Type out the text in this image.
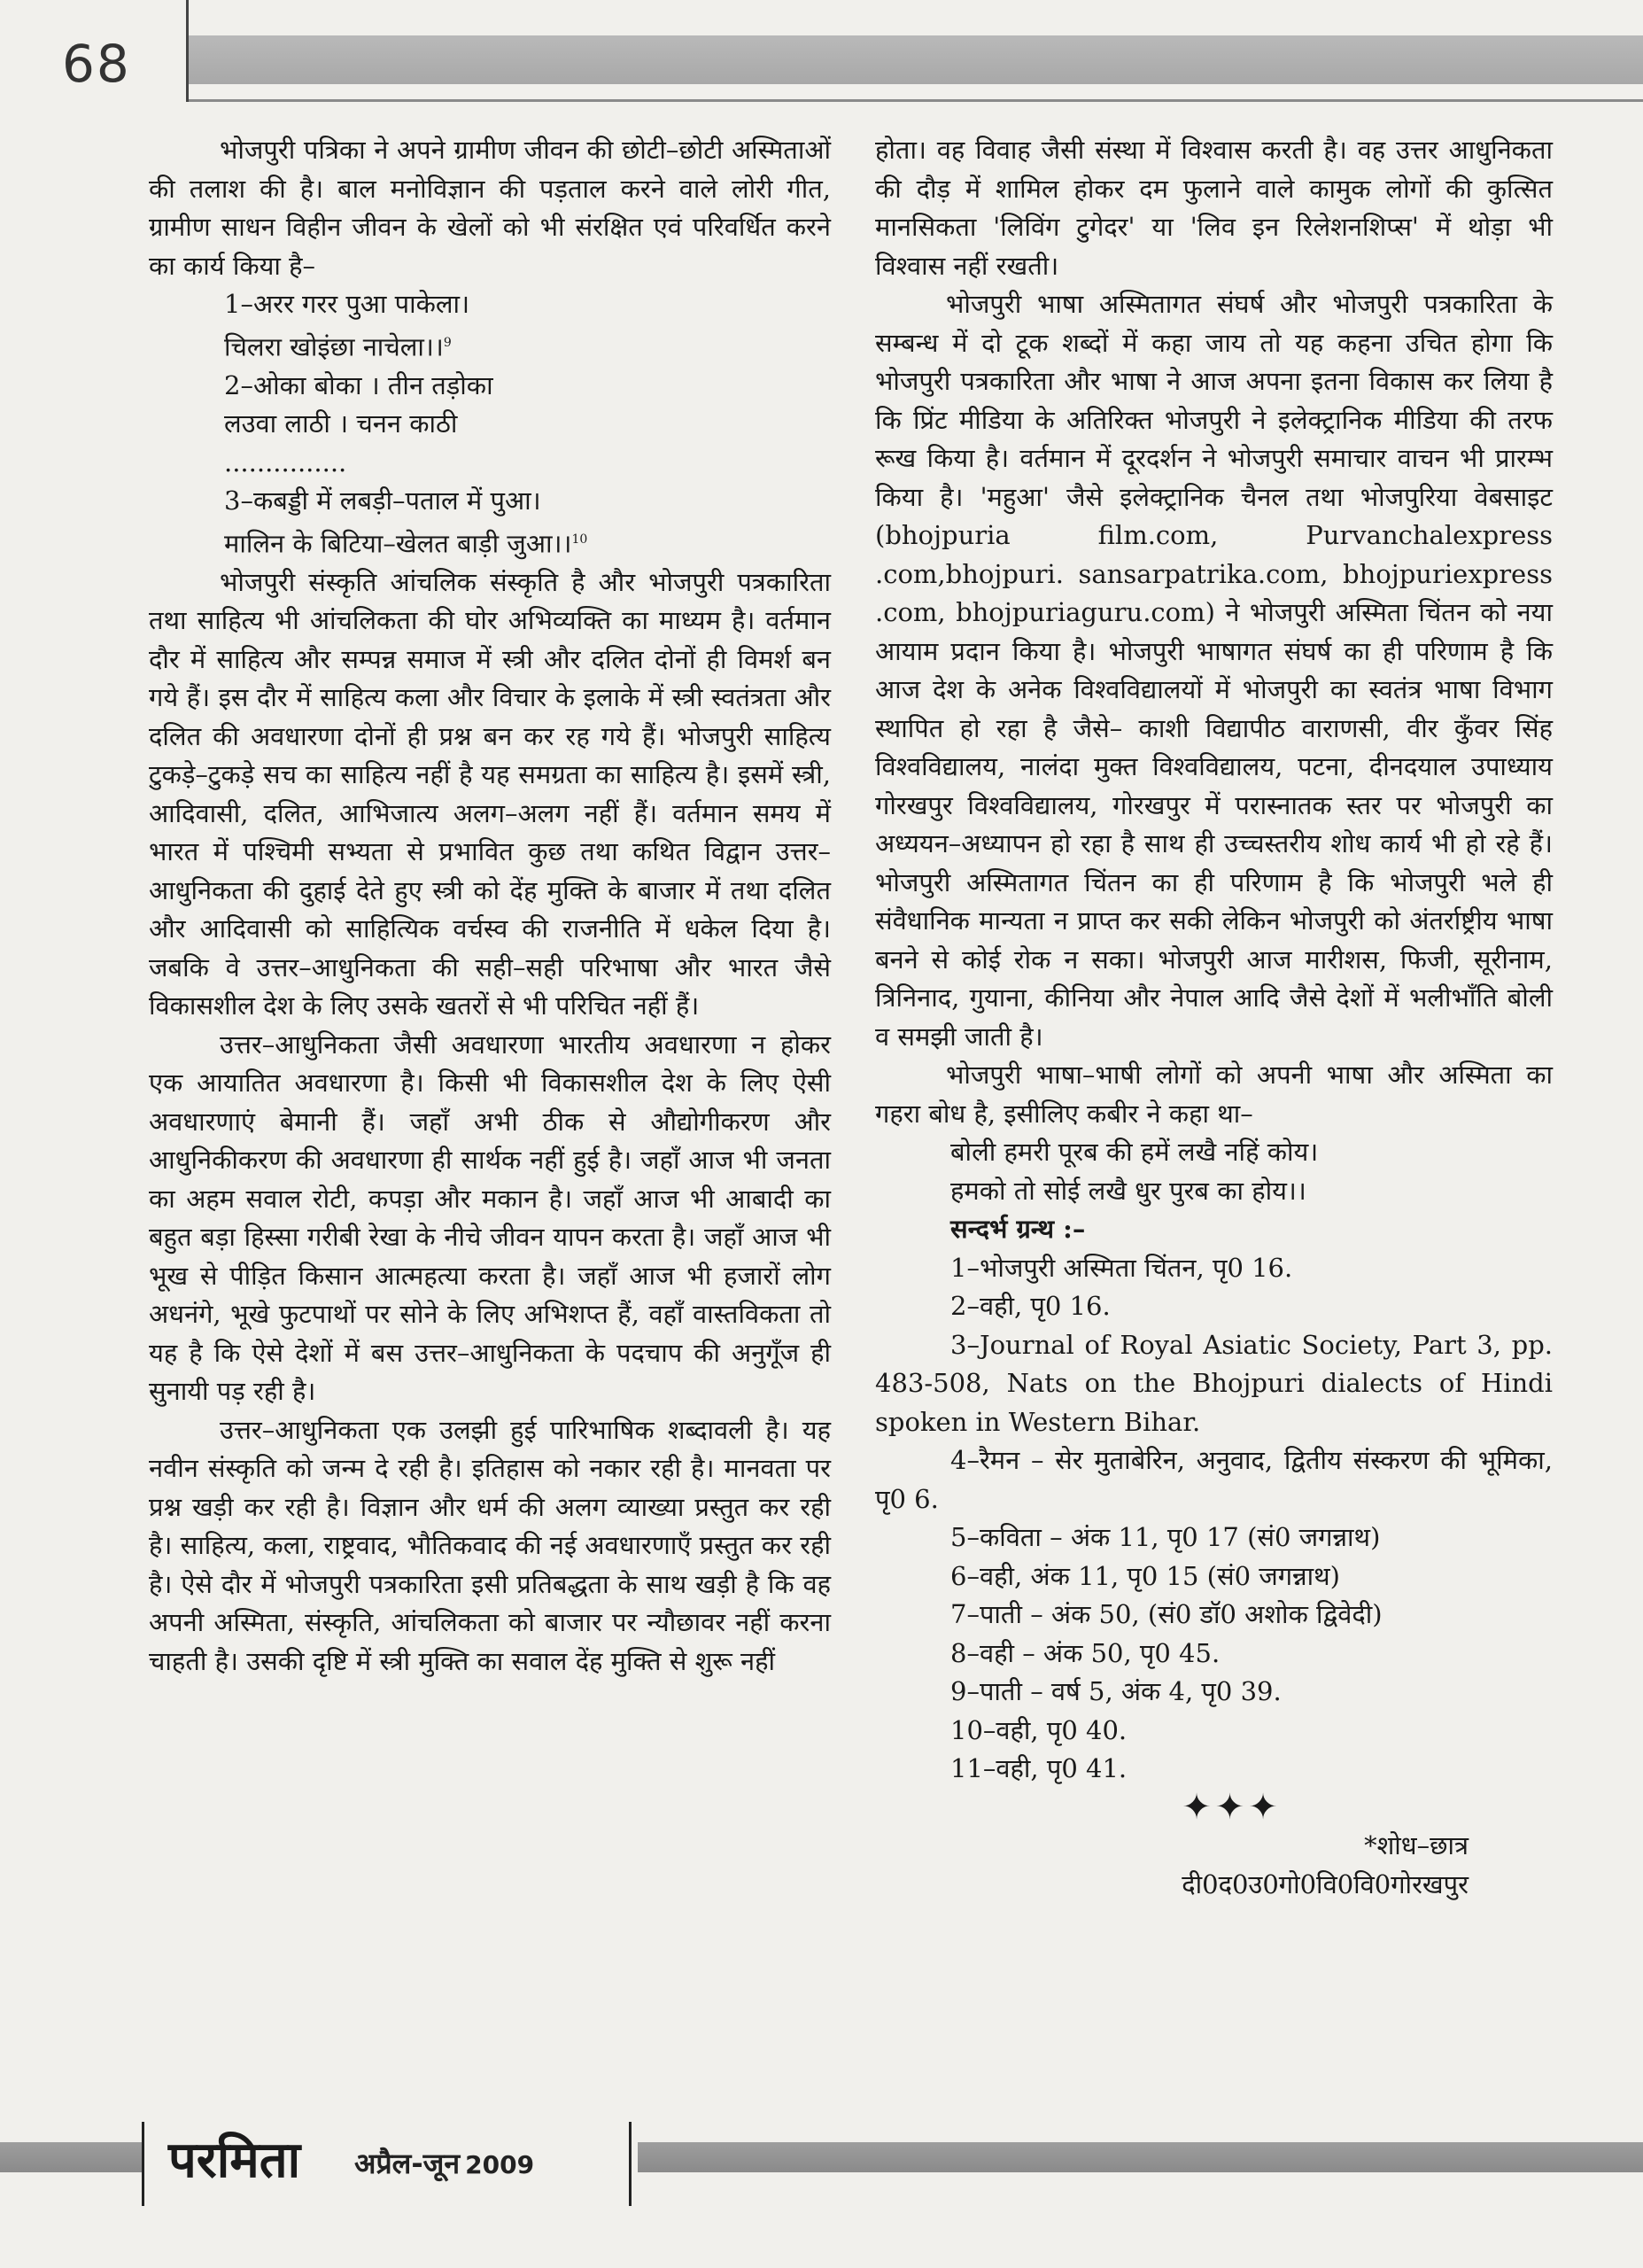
68

भोजपुरी पत्रिका ने अपने ग्रामीण जीवन की छोटी–छोटी अस्मिताओं की तलाश की है। बाल मनोविज्ञान की पड़ताल करने वाले लोरी गीत, ग्रामीण साधन विहीन जीवन के खेलों को भी संरक्षित एवं परिवर्धित करने का कार्य किया है–

1–अरर गरर पुआ पाकेला।
चिलरा खोइंछा नाचेला।।$^9$
2–ओका बोका । तीन तड़ोका
लउवा लाठी । चनन काठी
...............
3–कबड्डी में लबड़ी–पताल में पुआ।
मालिन के बिटिया–खेलत बाड़ी जुआ।।$^{10}$

भोजपुरी संस्कृति आंचलिक संस्कृति है और भोजपुरी पत्रकारिता तथा साहित्य भी आंचलिकता की घोर अभिव्यक्ति का माध्यम है। वर्तमान दौर में साहित्य और सम्पन्न समाज में स्त्री और दलित दोनों ही विमर्श बन गये हैं। इस दौर में साहित्य कला और विचार के इलाके में स्त्री स्वतंत्रता और दलित की अवधारणा दोनों ही प्रश्न बन कर रह गये हैं। भोजपुरी साहित्य टुकड़े–टुकड़े सच का साहित्य नहीं है यह समग्रता का साहित्य है। इसमें स्त्री, आदिवासी, दलित, आभिजात्य अलग–अलग नहीं हैं। वर्तमान समय में भारत में पश्चिमी सभ्यता से प्रभावित कुछ तथा कथित विद्वान उत्तर–आधुनिकता की दुहाई देते हुए स्त्री को देंह मुक्ति के बाजार में तथा दलित और आदिवासी को साहित्यिक वर्चस्व की राजनीति में धकेल दिया है। जबकि वे उत्तर–आधुनिकता की सही–सही परिभाषा और भारत जैसे विकासशील देश के लिए उसके खतरों से भी परिचित नहीं हैं।

उत्तर–आधुनिकता जैसी अवधारणा भारतीय अवधारणा न होकर एक आयातित अवधारणा है। किसी भी विकासशील देश के लिए ऐसी अवधारणाएं बेमानी हैं। जहाँ अभी ठीक से औद्योगीकरण और आधुनिकीकरण की अवधारणा ही सार्थक नहीं हुई है। जहाँ आज भी जनता का अहम सवाल रोटी, कपड़ा और मकान है। जहाँ आज भी आबादी का बहुत बड़ा हिस्सा गरीबी रेखा के नीचे जीवन यापन करता है। जहाँ आज भी भूख से पीड़ित किसान आत्महत्या करता है। जहाँ आज भी हजारों लोग अधनंगे, भूखे फुटपाथों पर सोने के लिए अभिशप्त हैं, वहाँ वास्तविकता तो यह है कि ऐसे देशों में बस उत्तर–आधुनिकता के पदचाप की अनुगूँज ही सुनायी पड़ रही है।

उत्तर–आधुनिकता एक उलझी हुई पारिभाषिक शब्दावली है। यह नवीन संस्कृति को जन्म दे रही है। इतिहास को नकार रही है। मानवता पर प्रश्न खड़ी कर रही है। विज्ञान और धर्म की अलग व्याख्या प्रस्तुत कर रही है। साहित्य, कला, राष्ट्रवाद, भौतिकवाद की नई अवधारणाएँ प्रस्तुत कर रही है। ऐसे दौर में भोजपुरी पत्रकारिता इसी प्रतिबद्धता के साथ खड़ी है कि वह अपनी अस्मिता, संस्कृति, आंचलिकता को बाजार पर न्यौछावर नहीं करना चाहती है। उसकी दृष्टि में स्त्री मुक्ति का सवाल देंह मुक्ति से शुरू नहीं

होता। वह विवाह जैसी संस्था में विश्वास करती है। वह उत्तर आधुनिकता की दौड़ में शामिल होकर दम फुलाने वाले कामुक लोगों की कुत्सित मानसिकता 'लिविंग टुगेदर' या 'लिव इन रिलेशनशिप्स' में थोड़ा भी विश्वास नहीं रखती।

भोजपुरी भाषा अस्मितागत संघर्ष और भोजपुरी पत्रकारिता के सम्बन्ध में दो टूक शब्दों में कहा जाय तो यह कहना उचित होगा कि भोजपुरी पत्रकारिता और भाषा ने आज अपना इतना विकास कर लिया है कि प्रिंट मीडिया के अतिरिक्त भोजपुरी ने इलेक्ट्रानिक मीडिया की तरफ रूख किया है। वर्तमान में दूरदर्शन ने भोजपुरी समाचार वाचन भी प्रारम्भ किया है। 'महुआ' जैसे इलेक्ट्रानिक चैनल तथा भोजपुरिया वेबसाइट (bhojpuria film.com, Purvanchalexpress .com,bhojpuri. sansarpatrika.com, bhojpuriexpress .com, bhojpuriaguru.com) ने भोजपुरी अस्मिता चिंतन को नया आयाम प्रदान किया है। भोजपुरी भाषागत संघर्ष का ही परिणाम है कि आज देश के अनेक विश्वविद्यालयों में भोजपुरी का स्वतंत्र भाषा विभाग स्थापित हो रहा है जैसे– काशी विद्यापीठ वाराणसी, वीर कुँवर सिंह विश्वविद्यालय, नालंदा मुक्त विश्वविद्यालय, पटना, दीनदयाल उपाध्याय गोरखपुर विश्वविद्यालय, गोरखपुर में परास्नातक स्तर पर भोजपुरी का अध्ययन–अध्यापन हो रहा है साथ ही उच्चस्तरीय शोध कार्य भी हो रहे हैं। भोजपुरी अस्मितागत चिंतन का ही परिणाम है कि भोजपुरी भले ही संवैधानिक मान्यता न प्राप्त कर सकी लेकिन भोजपुरी को अंतर्राष्ट्रीय भाषा बनने से कोई रोक न सका। भोजपुरी आज मारीशस, फिजी, सूरीनाम, त्रिनिनाद, गुयाना, कीनिया और नेपाल आदि जैसे देशों में भलीभाँति बोली व समझी जाती है।

भोजपुरी भाषा–भाषी लोगों को अपनी भाषा और अस्मिता का गहरा बोध है, इसीलिए कबीर ने कहा था–

बोली हमरी पूरब की हमें लखै नहिं कोय।
हमको तो सोई लखै धुर पुरब का होय।।

सन्दर्भ ग्रन्थ :–

1–भोजपुरी अस्मिता चिंतन, पृ0 16.

2–वही, पृ0 16.

3–Journal of Royal Asiatic Society, Part 3, pp. 483-508, Nats on the Bhojpuri dialects of Hindi spoken in Western Bihar.

4–रैमन – सेर मुताबेरिन, अनुवाद, द्वितीय संस्करण की भूमिका, पृ0 6.

5–कविता – अंक 11, पृ0 17 (सं0 जगन्नाथ)

6–वही, अंक 11, पृ0 15 (सं0 जगन्नाथ)

7–पाती – अंक 50, (सं0 डॉ0 अशोक द्विवेदी)

8–वही – अंक 50, पृ0 45.

9–पाती – वर्ष 5, अंक 4, पृ0 39.

10–वही, पृ0 40.

11–वही, पृ0 41.

✦✦✦

*शोध–छात्र

दी0द0उ0गो0वि0वि0गोरखपुर

परमिता अप्रैल-जून 2009
